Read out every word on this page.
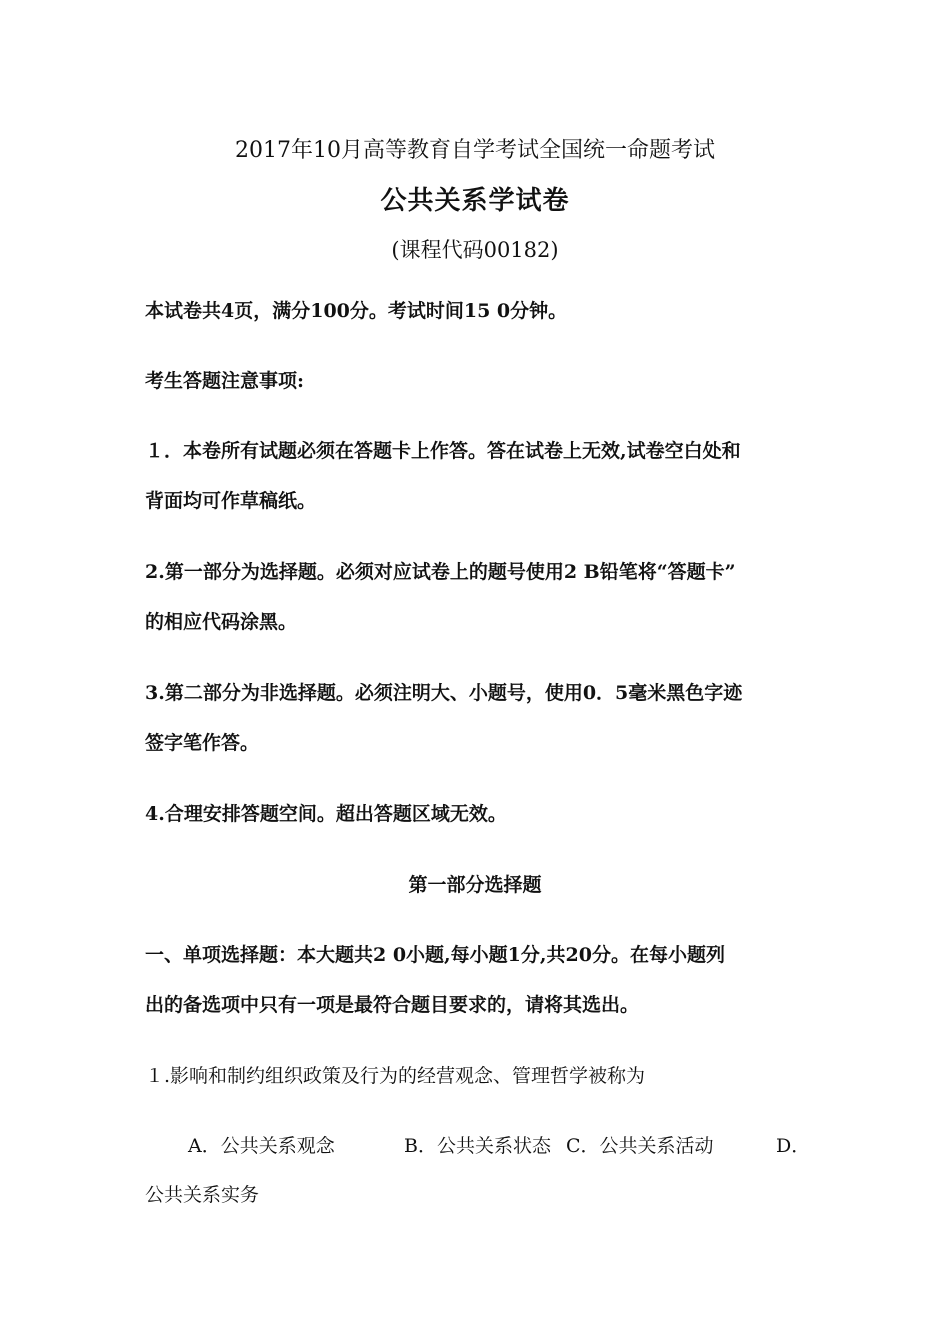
2017年10月高等教育自学考试全国统一命题考试
公共关系学试卷
(课程代码00182)
本试卷共4页，满分100分。考试时间15 0分钟。
考生答题注意事项:
１．本卷所有试题必须在答题卡上作答。答在试卷上无效,试卷空白处和
背面均可作草稿纸。
2.第一部分为选择题。必须对应试卷上的题号使用2 B铅笔将“答题卡”
的相应代码涂黑。
3.第二部分为非选择题。必须注明大、小题号，使用0．5毫米黑色字迹
签字笔作答。
4.合理安排答题空间。超出答题区域无效。
第一部分选择题
一、单项选择题：本大题共2 0小题,每小题1分,共20分。在每小题列
出的备选项中只有一项是最符合题目要求的，请将其选出。
１.影响和制约组织政策及行为的经营观念、管理哲学被称为
A．公共关系观念	B．公共关系状态 C．公共关系活动	D．
公共关系实务
